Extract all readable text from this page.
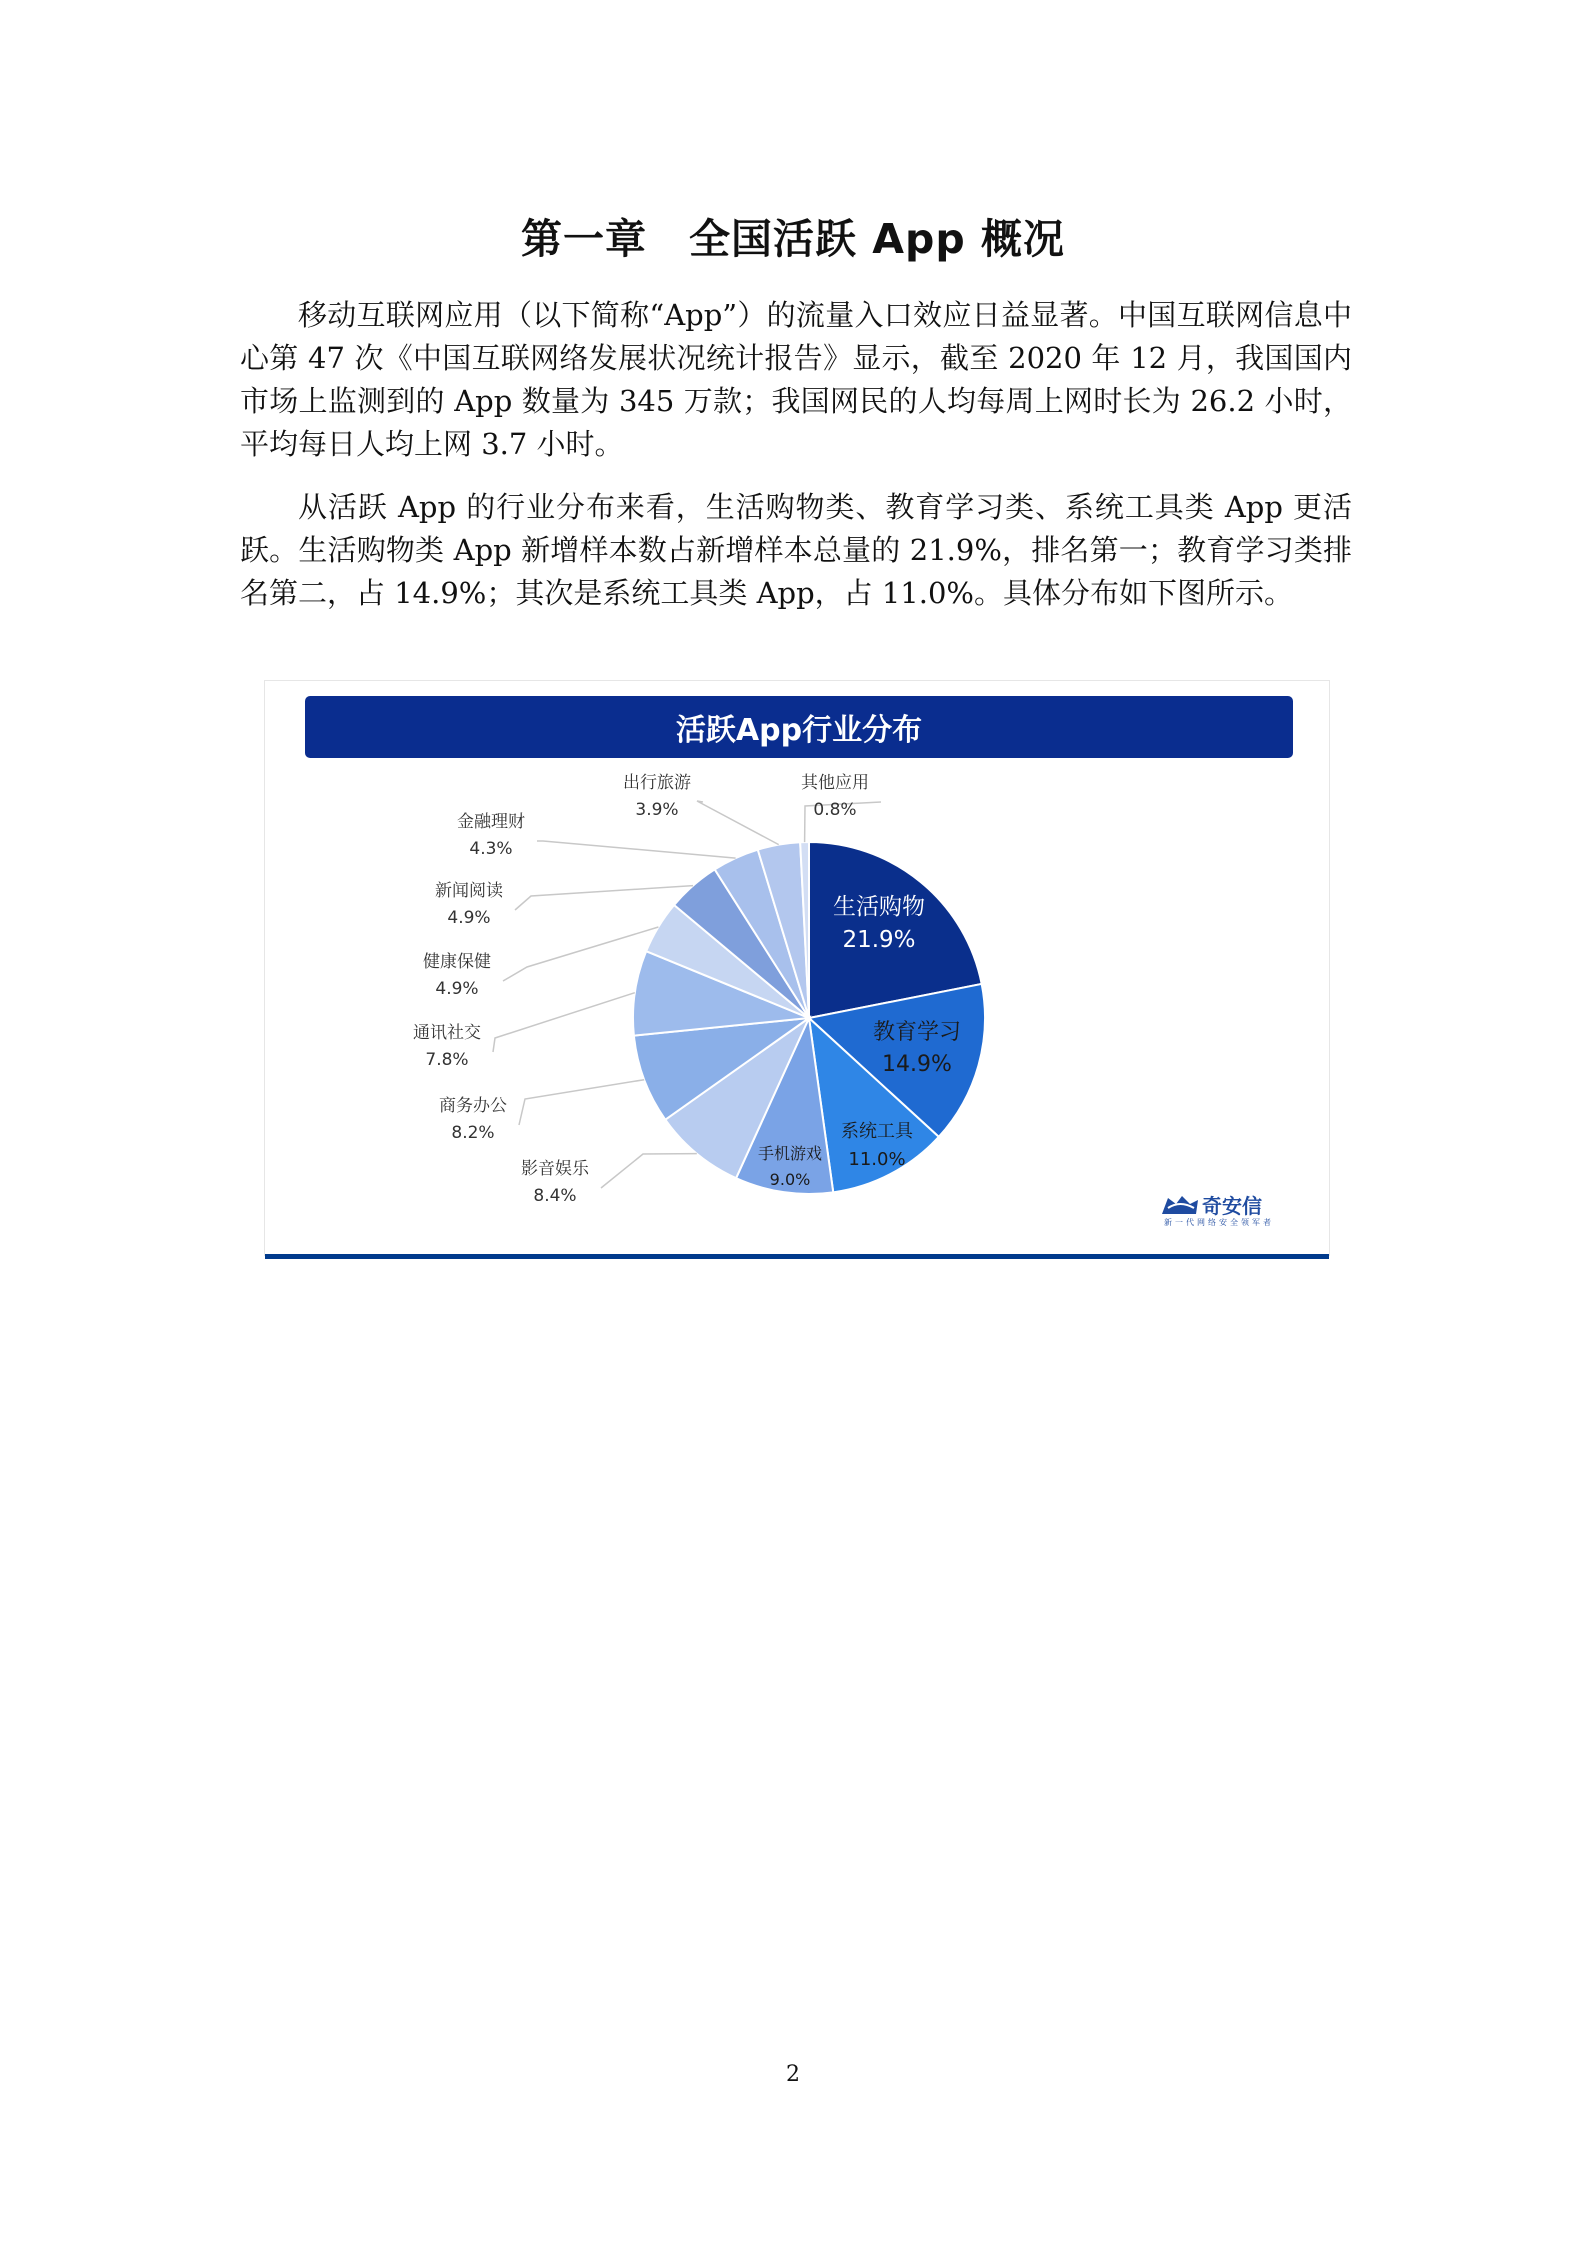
第一章　全国活跃 App 概况

移动互联网应用（以下简称“App”）的流量入口效应日益显著。中国互联网信息中心第 47 次《中国互联网络发展状况统计报告》显示，截至 2020 年 12 月，我国国内市场上监测到的 App 数量为 345 万款；我国网民的人均每周上网时长为 26.2 小时，平均每日人均上网 3.7 小时。

从活跃 App 的行业分布来看，生活购物类、教育学习类、系统工具类 App 更活跃。生活购物类 App 新增样本数占新增样本总量的 21.9%，排名第一；教育学习类排名第二，占 14.9%；其次是系统工具类 App，占 11.0%。具体分布如下图所示。

活跃App行业分布
生活购物
21.9%
教育学习
14.9%
系统工具
11.0%
手机游戏
9.0%
影音娱乐
8.4%
商务办公
8.2%
通讯社交
7.8%
健康保健
4.9%
新闻阅读
4.9%
金融理财
4.3%
出行旅游
3.9%
其他应用
0.8%
奇安信
新一代网络安全领军者
2
